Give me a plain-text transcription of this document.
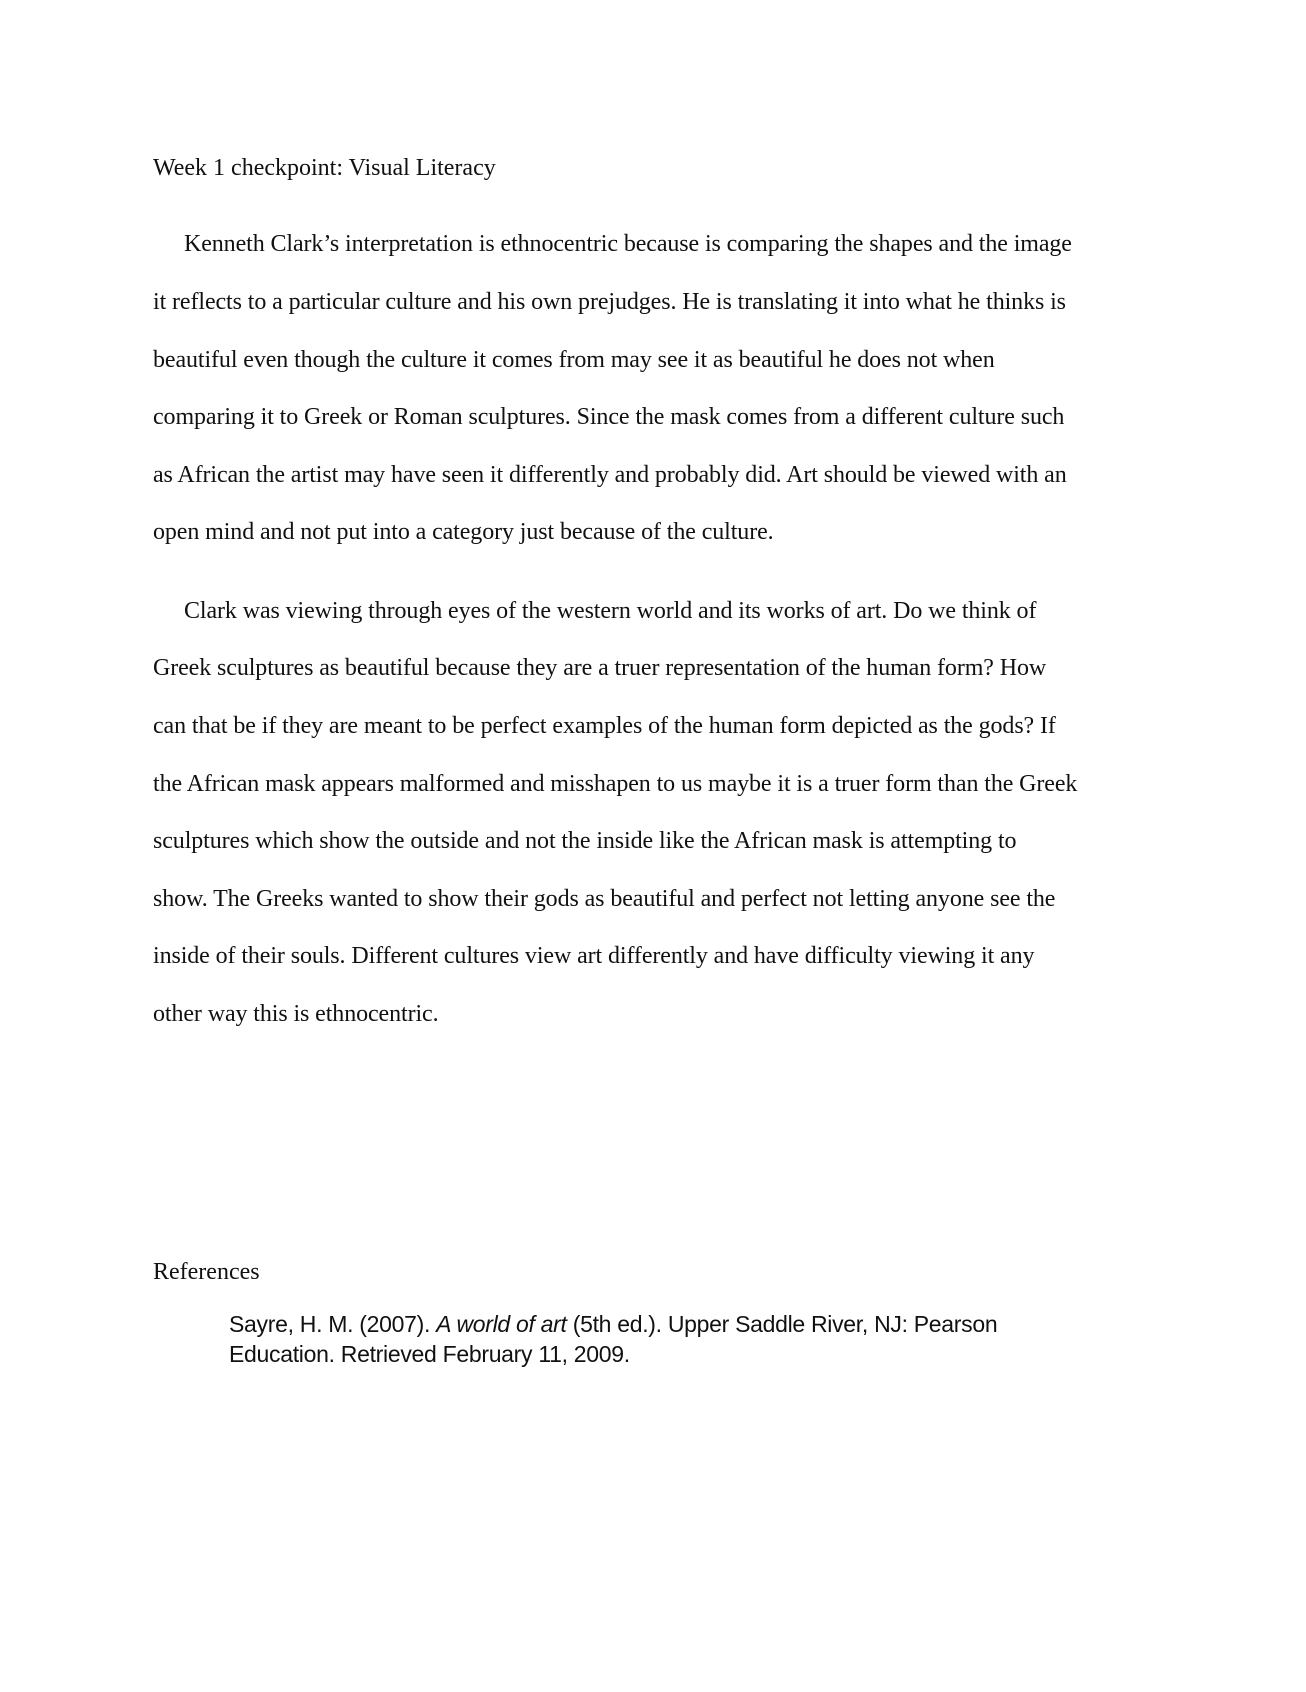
Week 1 checkpoint: Visual Literacy
Kenneth Clark’s interpretation is ethnocentric because is comparing the shapes and the image
it reflects to a particular culture and his own prejudges. He is translating it into what he thinks is
beautiful even though the culture it comes from may see it as beautiful he does not when
comparing it to Greek or Roman sculptures. Since the mask comes from a different culture such
as African the artist may have seen it differently and probably did. Art should be viewed with an
open mind and not put into a category just because of the culture.
Clark was viewing through eyes of the western world and its works of art. Do we think of
Greek sculptures as beautiful because they are a truer representation of the human form? How
can that be if they are meant to be perfect examples of the human form depicted as the gods? If
the African mask appears malformed and misshapen to us maybe it is a truer form than the Greek
sculptures which show the outside and not the inside like the African mask is attempting to
show. The Greeks wanted to show their gods as beautiful and perfect not letting anyone see the
inside of their souls. Different cultures view art differently and have difficulty viewing it any
other way this is ethnocentric.
References
Sayre, H. M. (2007). A world of art (5th ed.). Upper Saddle River, NJ: Pearson
Education. Retrieved February 11, 2009.
